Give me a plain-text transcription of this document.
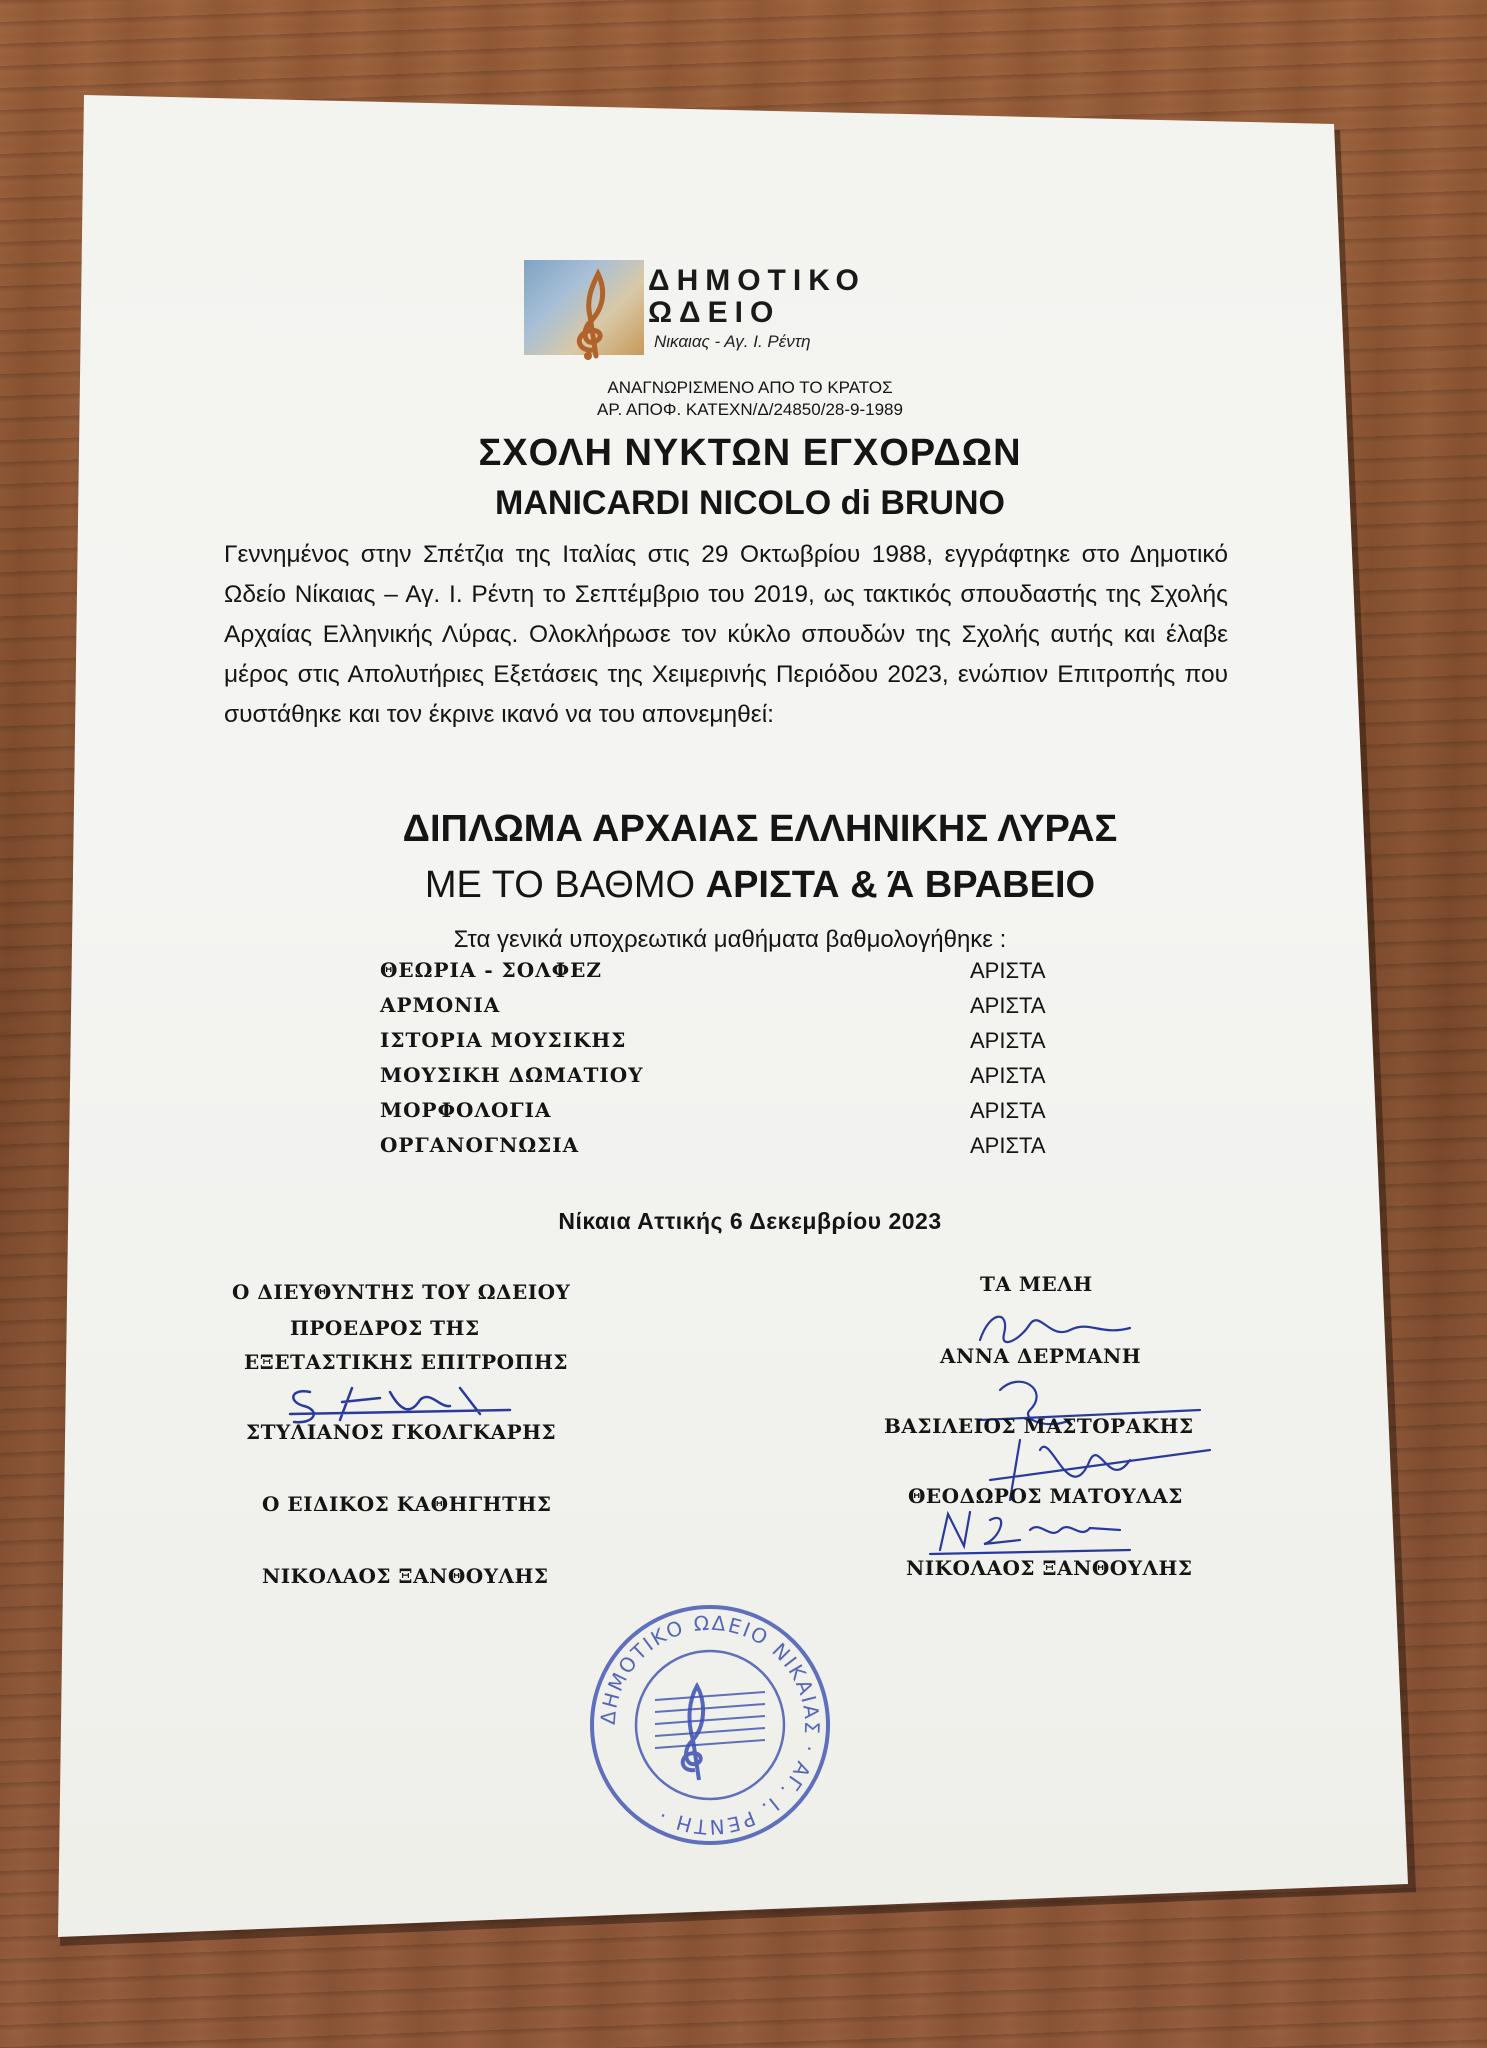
ΔΗΜΟΤΙΚΟ
ΩΔΕΙΟ
Νικαιας - Αγ. Ι. Ρέντη
ΑΝΑΓΝΩΡΙΣΜΕΝΟ ΑΠΟ ΤΟ ΚΡΑΤΟΣ
ΑΡ. ΑΠΟΦ. ΚΑΤΕΧΝ/Δ/24850/28-9-1989
ΣΧΟΛΗ ΝΥΚΤΩΝ ΕΓΧΟΡΔΩΝ
MANICARDI NICOLO di BRUNO
Γεννημένος στην Σπέτζια της Ιταλίας στις 29 Οκτωβρίου 1988, εγγράφτηκε στο Δημοτικό Ωδείο Νίκαιας – Αγ. Ι. Ρέντη το Σεπτέμβριο του 2019, ως τακτικός σπουδαστής της Σχολής Αρχαίας Ελληνικής Λύρας. Ολοκλήρωσε τον κύκλο σπουδών της Σχολής αυτής και έλαβε μέρος στις Απολυτήριες Εξετάσεις της Χειμερινής Περιόδου 2023, ενώπιον Επιτροπής που συστάθηκε και τον έκρινε ικανό να του απονεμηθεί:
ΔΙΠΛΩΜΑ ΑΡΧΑΙΑΣ ΕΛΛΗΝΙΚΗΣ ΛΥΡΑΣ
ΜΕ ΤΟ ΒΑΘΜΟ ΑΡΙΣΤΑ & Ά ΒΡΑΒΕΙΟ
Στα γενικά υποχρεωτικά μαθήματα βαθμολογήθηκε :
ΘΕΩΡΙΑ - ΣΟΛΦΕΖ	ΑΡΙΣΤΑ
ΑΡΜΟΝΙΑ	ΑΡΙΣΤΑ
ΙΣΤΟΡΙΑ ΜΟΥΣΙΚΗΣ	ΑΡΙΣΤΑ
ΜΟΥΣΙΚΗ ΔΩΜΑΤΙΟΥ	ΑΡΙΣΤΑ
ΜΟΡΦΟΛΟΓΙΑ	ΑΡΙΣΤΑ
ΟΡΓΑΝΟΓΝΩΣΙΑ	ΑΡΙΣΤΑ
Νίκαια Αττικής 6 Δεκεμβρίου 2023
Ο ΔΙΕΥΘΥΝΤΗΣ ΤΟΥ ΩΔΕΙΟΥ
ΠΡΟΕΔΡΟΣ ΤΗΣ
ΕΞΕΤΑΣΤΙΚΗΣ ΕΠΙΤΡΟΠΗΣ
ΣΤΥΛΙΑΝΟΣ ΓΚΟΛΓΚΑΡΗΣ
Ο ΕΙΔΙΚΟΣ ΚΑΘΗΓΗΤΗΣ
ΝΙΚΟΛΑΟΣ ΞΑΝΘΟΥΛΗΣ
ΤΑ ΜΕΛΗ
ΑΝΝΑ ΔΕΡΜΑΝΗ
ΒΑΣΙΛΕΙΟΣ ΜΑΣΤΟΡΑΚΗΣ
ΘΕΟΔΩΡΟΣ ΜΑΤΟΥΛΑΣ
ΝΙΚΟΛΑΟΣ ΞΑΝΘΟΥΛΗΣ
ΔΗΜΟΤΙΚΟ ΩΔΕΙΟ ΝΙΚΑΙΑΣ · ΑΓ. Ι. ΡΕΝΤΗ ·
